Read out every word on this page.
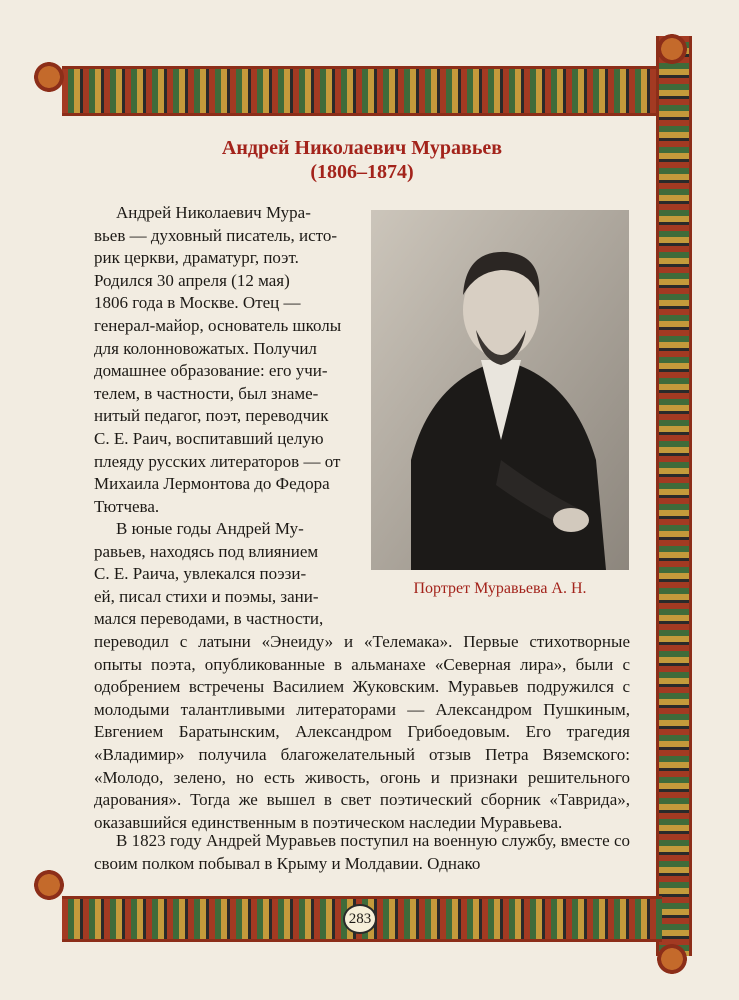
Андрей Николаевич Муравьев
(1806–1874)

Андрей Николаевич Мура-
вьев — духовный писатель, исто-
рик церкви, драматург, поэт.
Родился 30 апреля (12 мая)
1806 года в Москве. Отец —
генерал-майор, основатель школы
для колонновожатых. Получил
домашнее образование: его учи-
телем, в частности, был знаме-
нитый педагог, поэт, переводчик
С. Е. Раич, воспитавший целую
плеяду русских литераторов — от
Михаила Лермонтова до Федора
Тютчева.

В юные годы Андрей Му-
равьев, находясь под влиянием
С. Е. Раича, увлекался поэзи-
ей, писал стихи и поэмы, зани-
мался переводами, в частности,

Портрет Муравьева А. Н.

переводил с латыни «Энеиду» и «Телемака». Первые стихотворные опыты поэта, опубликованные в альманахе «Северная лира», были с одобрением встречены Василием Жуковским. Муравьев подружился с молодыми талантливыми литераторами — Александром Пушкиным, Евгением Баратынским, Александром Грибоедовым. Его трагедия «Владимир» получила благожелательный отзыв Петра Вяземского: «Молодо, зелено, но есть живость, огонь и признаки решительного дарования». Тогда же вышел в свет поэтический сборник «Таврида», оказавшийся единственным в поэтическом наследии Муравьева.

В 1823 году Андрей Муравьев поступил на военную службу, вместе со своим полком побывал в Крыму и Молдавии. Однако

283
